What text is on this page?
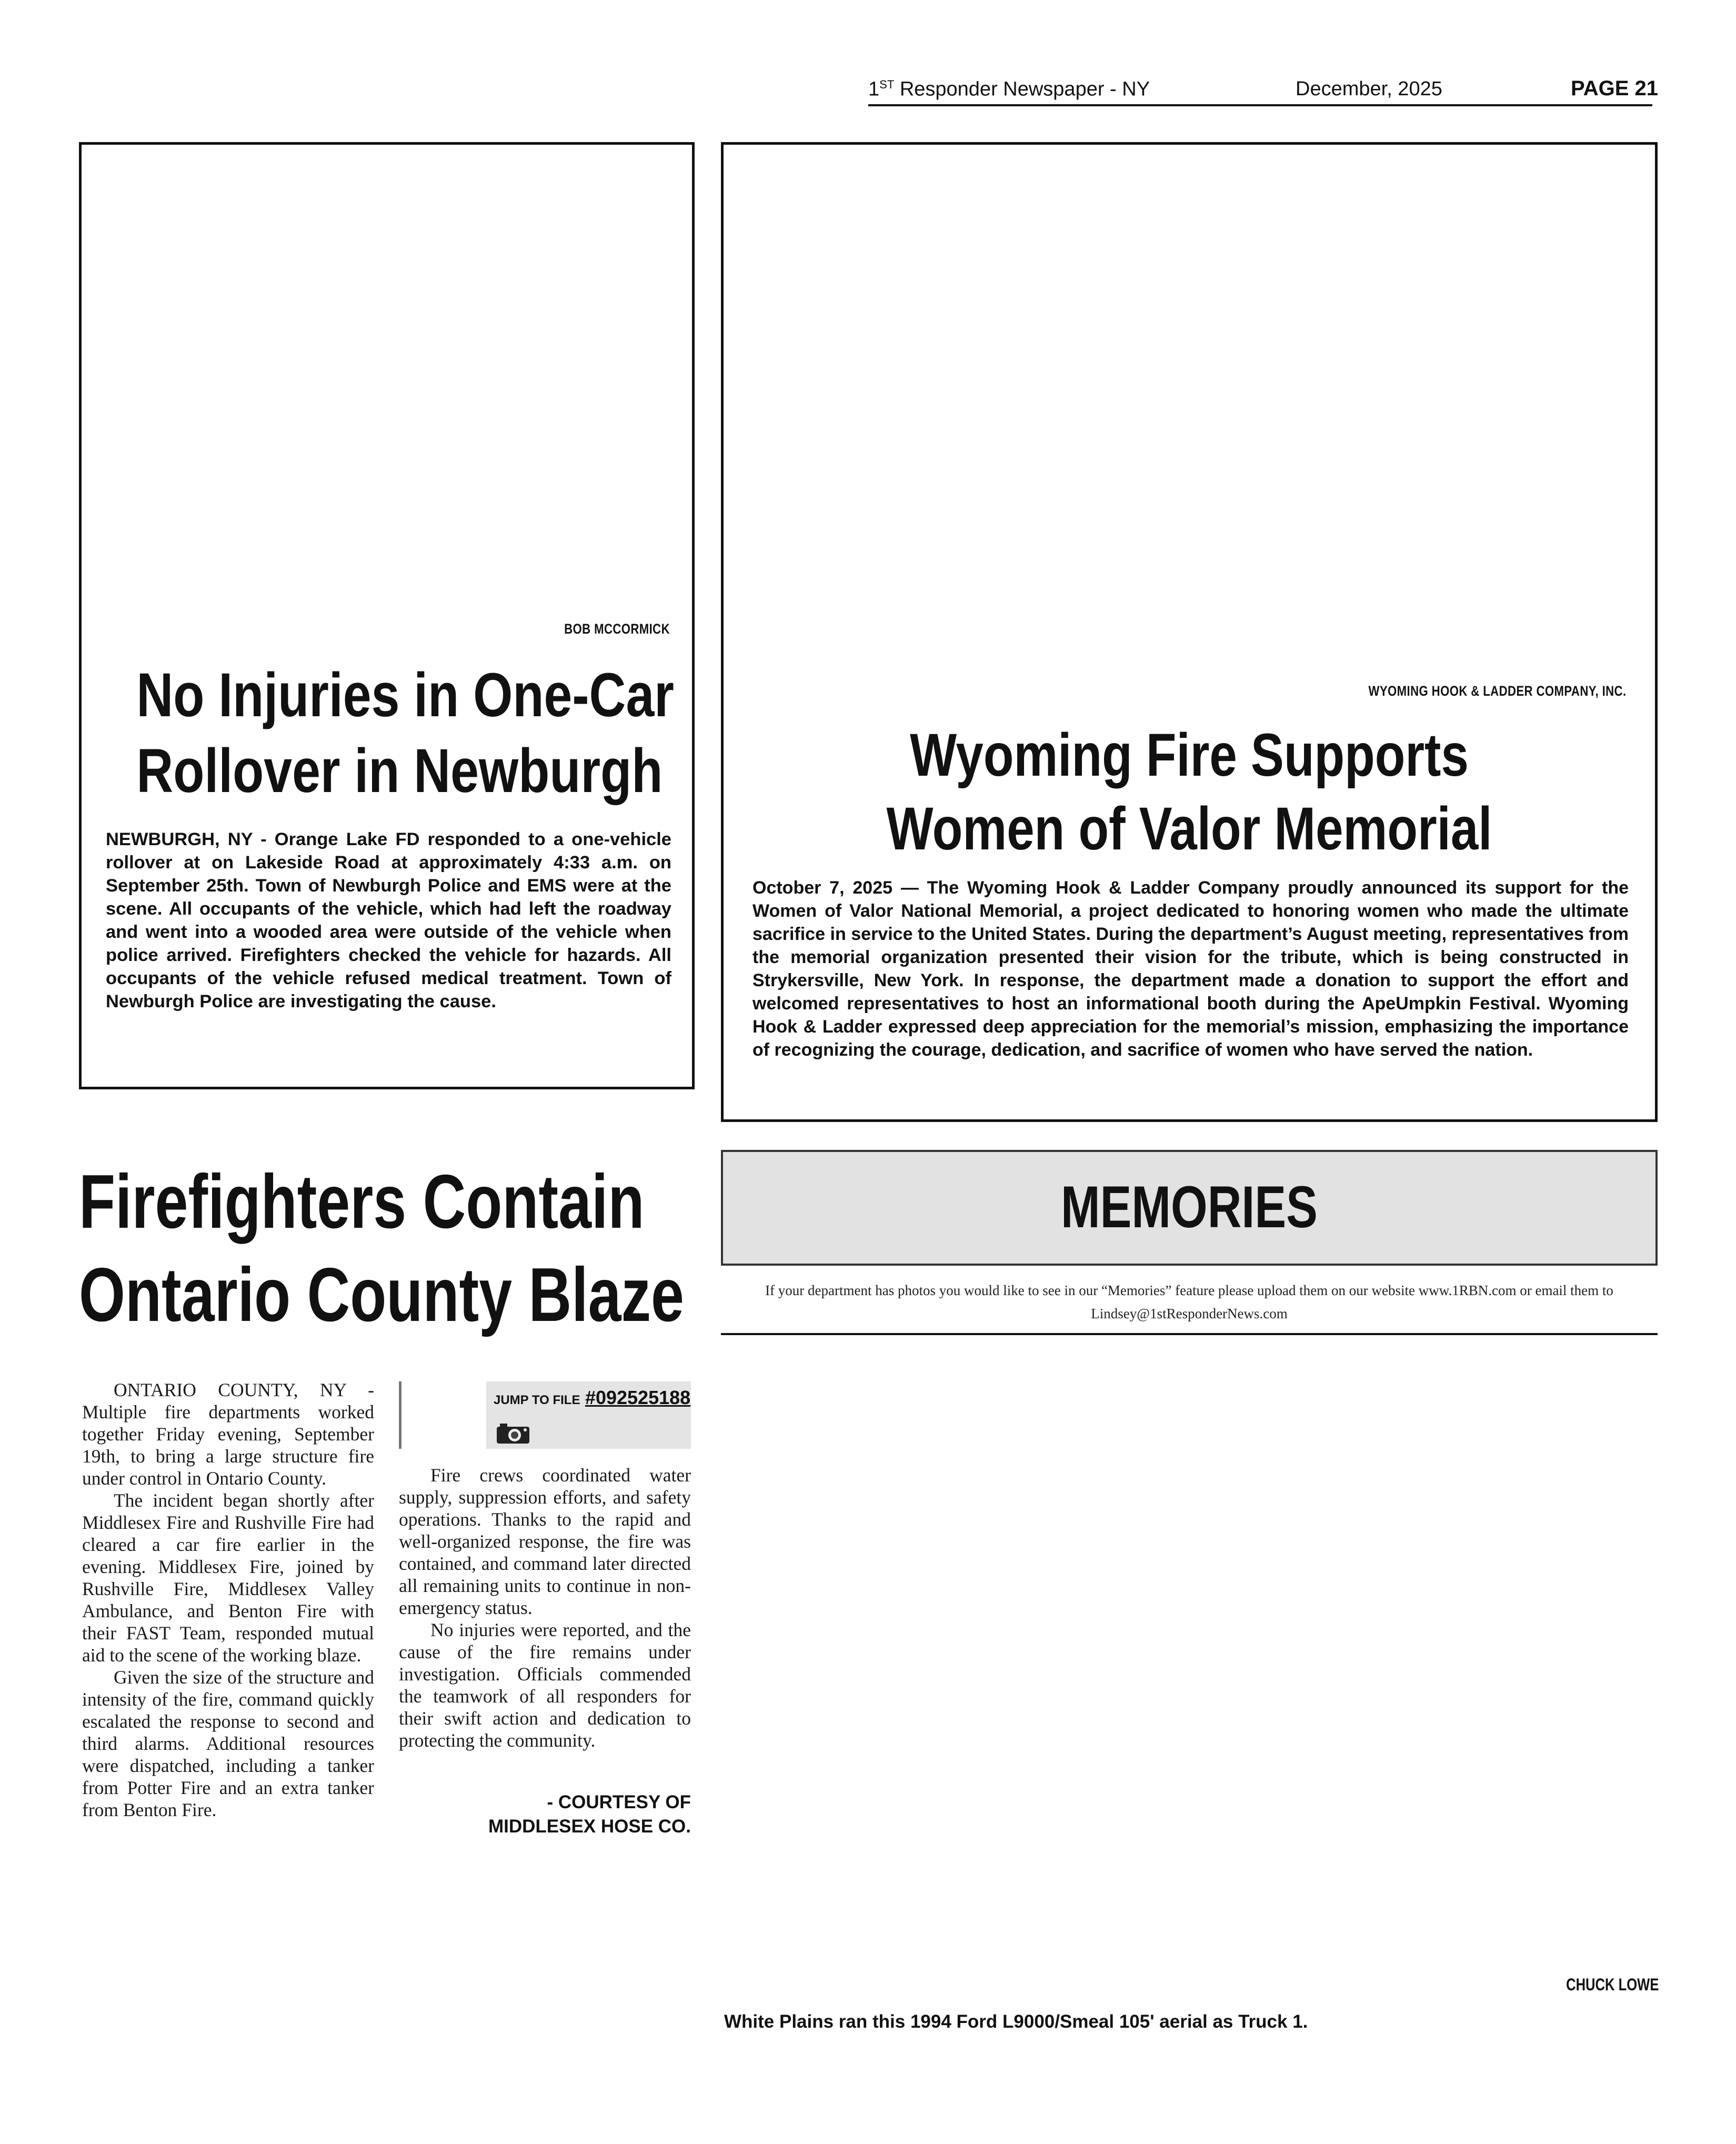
1ST Responder Newspaper - NY	December, 2025	PAGE 21
BOB MCCORMICK
No Injuries in One-Car
Rollover in Newburgh
NEWBURGH, NY - Orange Lake FD responded to a one-vehicle rollover at on Lakeside Road at approximately 4:33 a.m. on September 25th. Town of Newburgh Police and EMS were at the scene. All occupants of the vehicle, which had left the roadway and went into a wooded area were outside of the vehicle when police arrived. Firefighters checked the vehicle for hazards. All occupants of the vehicle refused medical treatment. Town of Newburgh Police are investigating the cause.
WYOMING HOOK & LADDER COMPANY, INC.
Wyoming Fire Supports
Women of Valor Memorial
October 7, 2025 — The Wyoming Hook & Ladder Company proudly announced its support for the Women of Valor National Memorial, a project dedicated to honoring women who made the ultimate sacrifice in service to the United States. During the department’s August meeting, representatives from the memorial organization presented their vision for the tribute, which is being constructed in Strykersville, New York. In response, the department made a donation to support the effort and welcomed representatives to host an informational booth during the ApeUmpkin Festival. Wyoming Hook & Ladder expressed deep appreciation for the memorial’s mission, emphasizing the importance of recognizing the courage, dedication, and sacrifice of women who have served the nation.
Firefighters Contain
Ontario County Blaze

ONTARIO COUNTY, NY - Multiple fire departments worked together Friday evening, September 19th, to bring a large structure fire under control in Ontario County.

The incident began shortly after Middlesex Fire and Rushville Fire had cleared a car fire earlier in the evening. Middlesex Fire, joined by Rushville Fire, Middlesex Valley Ambulance, and Benton Fire with their FAST Team, responded mutual aid to the scene of the working blaze.

Given the size of the structure and intensity of the fire, command quickly escalated the response to second and third alarms. Additional resources were dispatched, including a tanker from Potter Fire and an extra tanker from Benton Fire.

JUMP TO FILE #092525188

Fire crews coordinated water supply, suppression efforts, and safety operations. Thanks to the rapid and well-organized response, the fire was contained, and command later directed all remaining units to continue in non-emergency status.

No injuries were reported, and the cause of the fire remains under investigation. Officials commended the teamwork of all responders for their swift action and dedication to protecting the community.

- COURTESY OF
MIDDLESEX HOSE CO.
MEMORIES
If your department has photos you would like to see in our “Memories” feature please upload them on our website www.1RBN.com or email them to
Lindsey@1stResponderNews.com
CHUCK LOWE
White Plains ran this 1994 Ford L9000/Smeal 105' aerial as Truck 1.
